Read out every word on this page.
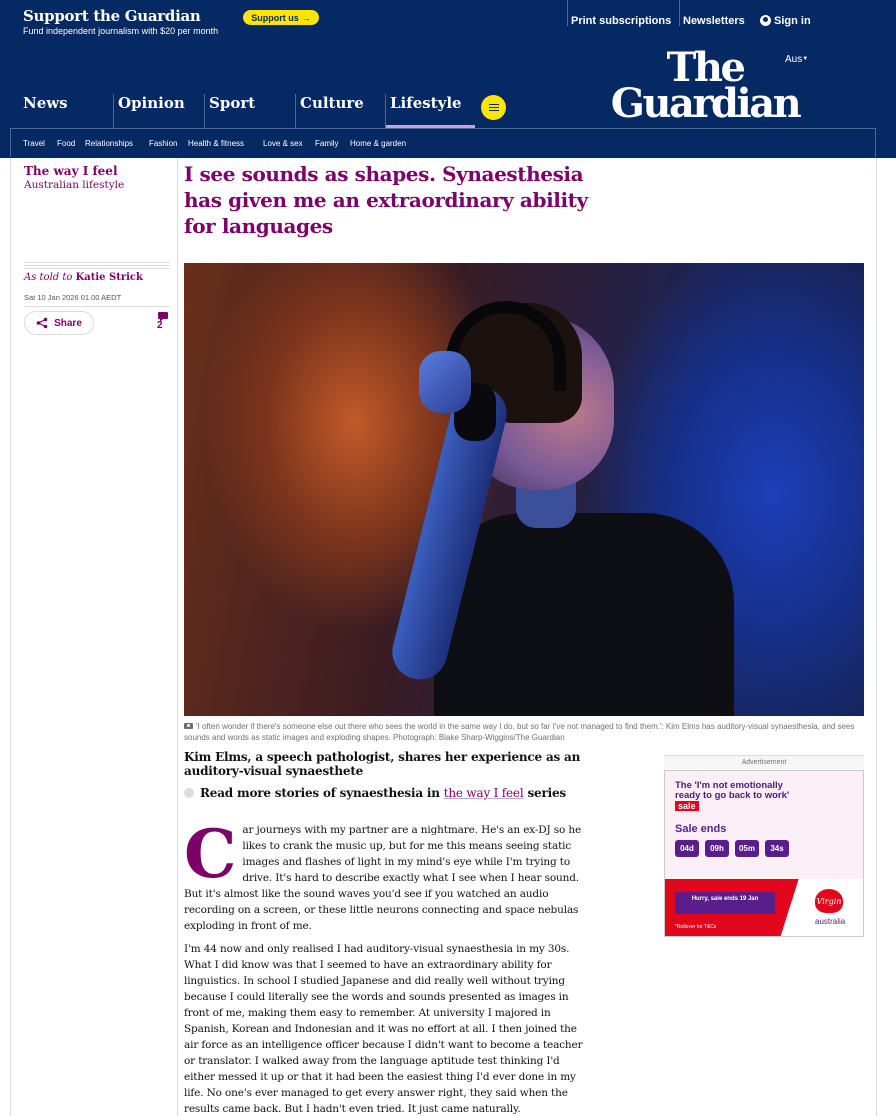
Support the Guardian
Fund independent journalism with $20 per month
Support us →	Print subscriptions Newsletters	Sign in
Aus▼
The
Guardian
News	Opinion	Sport	Culture	Lifestyle
Travel Food Relationships Fashion Health & fitness Love & sex Family Home & garden
The way I feel
Australian lifestyle
As told to Katie Strick
Sat 10 Jan 2026 01.00 AEDT
Share	2
I see sounds as shapes. Synaesthesia has given me an extraordinary ability for languages
'I often wonder if there's someone else out there who sees the world in the same way I do, but so far I've not managed to find them.': Kim Elms has auditory-visual synaesthesia, and sees sounds and words as static images and exploding shapes. Photograph: Blake Sharp-Wiggins/The Guardian
Kim Elms, a speech pathologist, shares her experience as an auditory-visual synaesthete
Read more stories of synaesthesia in the way I feel series

Car journeys with my partner are a nightmare. He's an ex-DJ so he likes to crank the music up, but for me this means seeing static images and flashes of light in my mind's eye while I'm trying to drive. It's hard to describe exactly what I see when I hear sound. But it's almost like the sound waves you'd see if you watched an audio recording on a screen, or these little neurons connecting and space nebulas exploding in front of me.

I'm 44 now and only realised I had auditory-visual synaesthesia in my 30s. What I did know was that I seemed to have an extraordinary ability for linguistics. In school I studied Japanese and did really well without trying because I could literally see the words and sounds presented as images in front of me, making them easy to remember. At university I majored in Spanish, Korean and Indonesian and it was no effort at all. I then joined the air force as an intelligence officer because I didn't want to become a teacher or translator. I walked away from the language aptitude test thinking I'd either messed it up or that it had been the easiest thing I'd ever done in my life. No one's ever managed to get every answer right, they said when the results came back. But I hadn't even tried. It just came naturally.

Advertisement
The 'I'm not emotionally ready to go back to work' sale
Sale ends
04d	09h	05m	34s
Hurry, sale ends 19 Jan
*Rollover for T&Cs
Virgin
australia
